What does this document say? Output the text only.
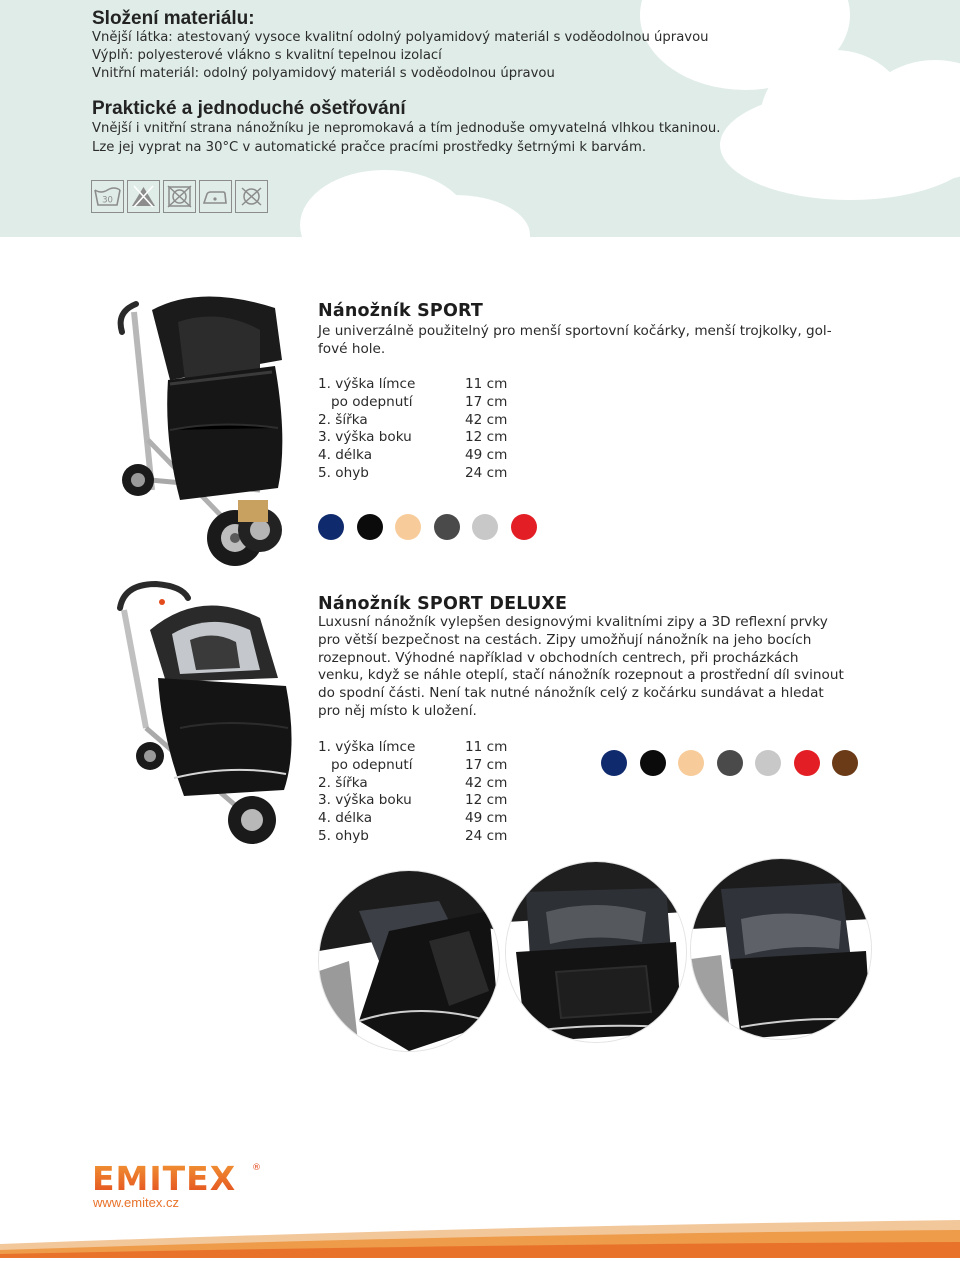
Složení materiálu:

Vnější látka: atestovaný vysoce kvalitní odolný polyamidový materiál s voděodolnou úpravou

Výplň: polyesterové vlákno s kvalitní tepelnou izolací

Vnitřní materiál: odolný polyamidový materiál s voděodolnou úpravou

Praktické a jednoduché ošetřování

Vnější i vnitřní strana nánožníku je nepromokavá a tím jednoduše omyvatelná vlhkou tkaninou.

Lze jej vyprat na 30°C v automatické pračce pracími prostředky šetrnými k barvám.

30
Nánožník SPORT

Je univerzálně použitelný pro menší sportovní kočárky, menší trojkolky, gol-
fové hole.

1. výška límce	11 cm
po odepnutí	17 cm
2. šířka	42 cm
3. výška boku	12 cm
4. délka	49 cm
5. ohyb	24 cm
Nánožník SPORT DELUXE

Luxusní nánožník vylepšen designovými kvalitními zipy a 3D reflexní prvky
pro větší bezpečnost na cestách. Zipy umožňují nánožník na jeho bocích
rozepnout. Výhodné například v obchodních centrech, při procházkách
venku, když se náhle oteplí, stačí nánožník rozepnout a prostřední díl svinout
do spodní části. Není tak nutné nánožník celý z kočárku sundávat a hledat
pro něj místo k uložení.

1. výška límce	11 cm
po odepnutí	17 cm
2. šířka	42 cm
3. výška boku	12 cm
4. délka	49 cm
5. ohyb	24 cm
EMITEX ®

www.emitex.cz
